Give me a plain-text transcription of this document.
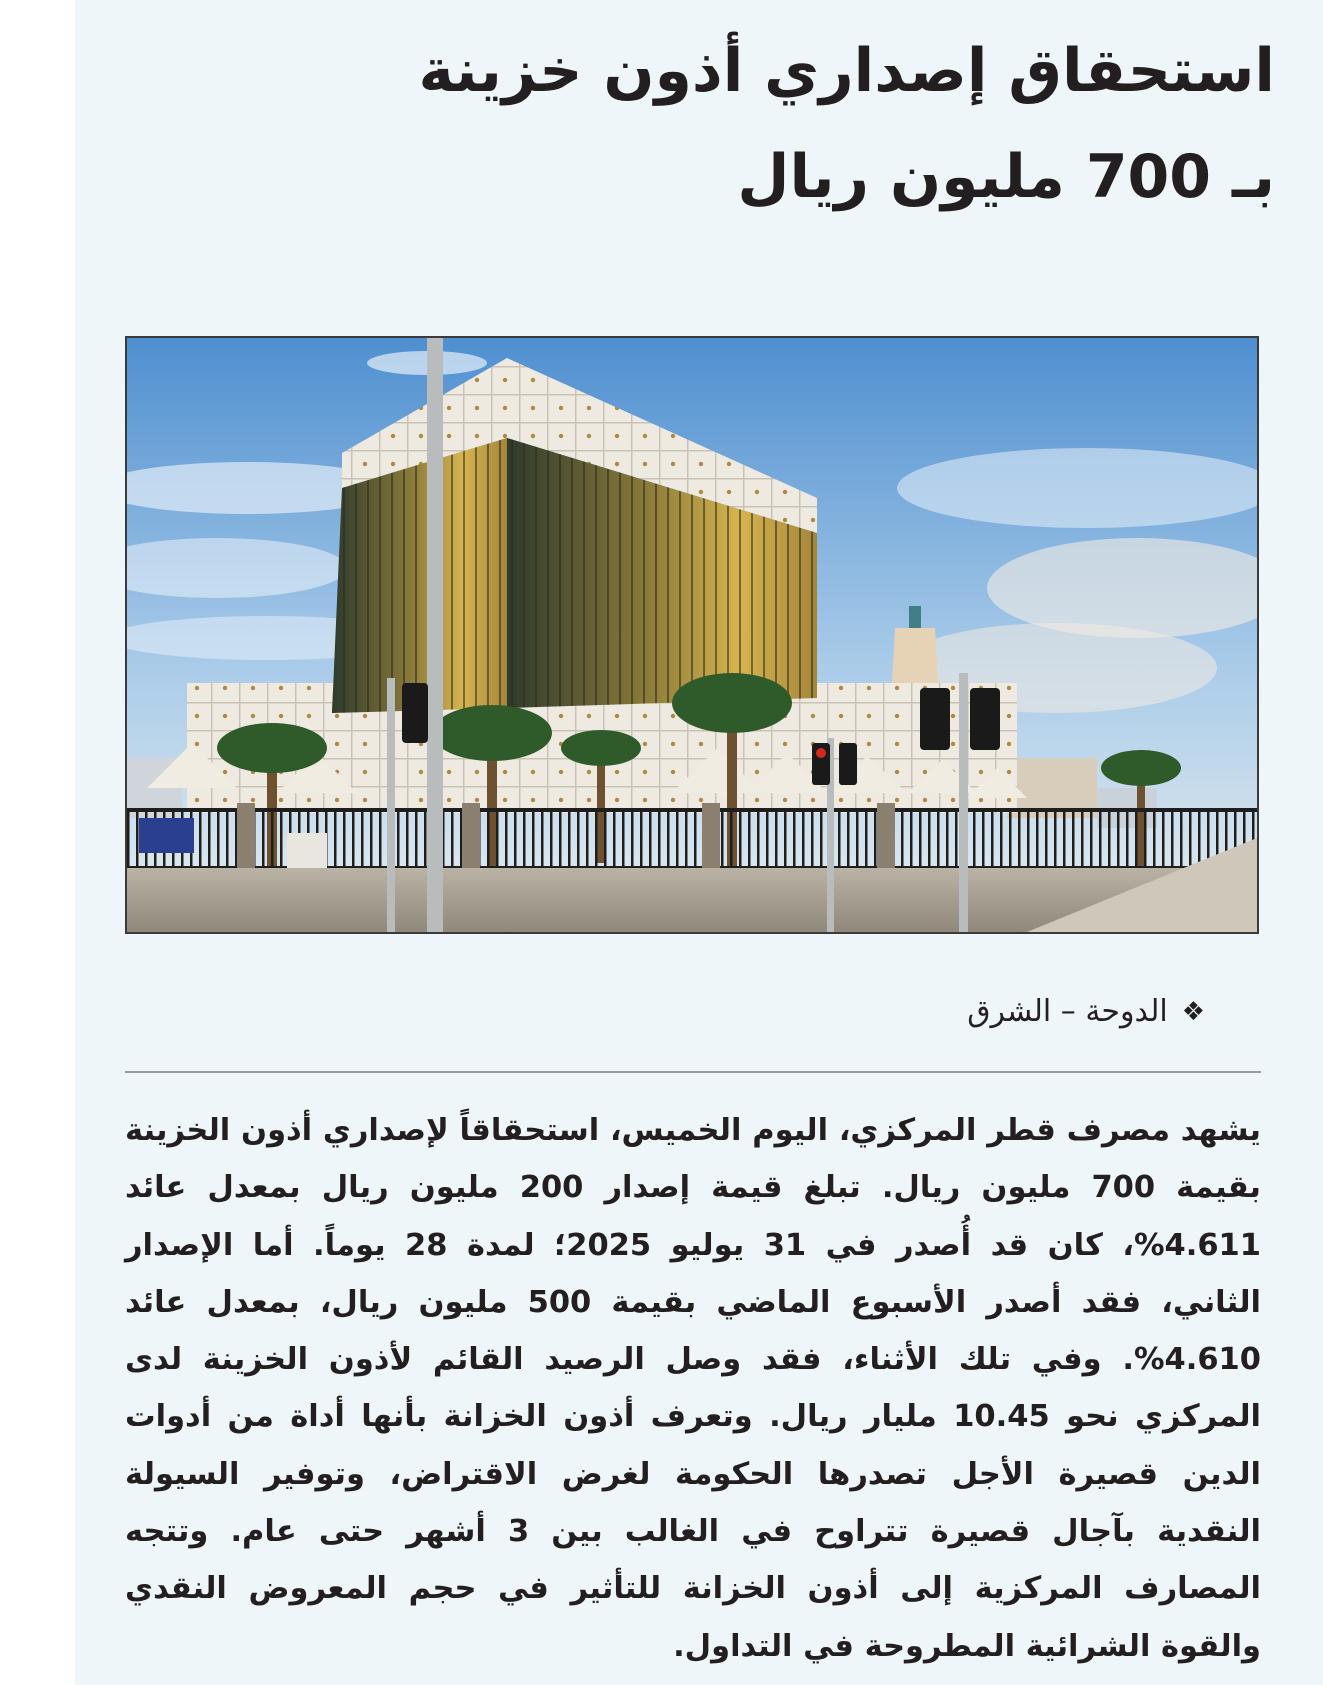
استحقاق إصداري أذون خزينة
بـ 700 مليون ريال
❖
الدوحة – الشرق

يشهد مصرف قطر المركزي، اليوم الخميس، استحقاقاً لإصداري أذون الخزينة بقيمة 700 مليون ريال. تبلغ قيمة إصدار 200 مليون ريال بمعدل عائد 4.611%، كان قد أُصدر في 31 يوليو 2025؛ لمدة 28 يوماً. أما الإصدار الثاني، فقد أصدر الأسبوع الماضي بقيمة 500 مليون ريال، بمعدل عائد 4.610%. وفي تلك الأثناء، فقد وصل الرصيد القائم لأذون الخزينة لدى المركزي نحو 10.45 مليار ريال. وتعرف أذون الخزانة بأنها أداة من أدوات الدين قصيرة الأجل تصدرها الحكومة لغرض الاقتراض، وتوفير السيولة النقدية بآجال قصيرة تتراوح في الغالب بين 3 أشهر حتى عام. وتتجه المصارف المركزية إلى أذون الخزانة للتأثير في حجم المعروض النقدي والقوة الشرائية المطروحة في التداول.
